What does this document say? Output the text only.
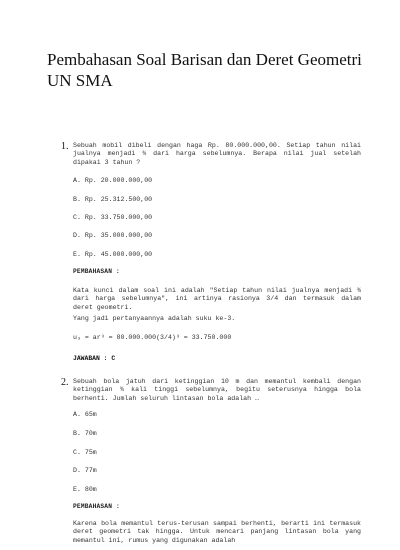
Pembahasan Soal Barisan dan Deret Geometri UN SMA
1. Sebuah mobil dibeli dengan haga Rp. 80.000.000,00. Setiap tahun nilai jualnya menjadi ¾ dari harga sebelumnya. Berapa nilai jual setelah dipakai 3 tahun ?
A. Rp. 20.000.000,00
B. Rp. 25.312.500,00
C. Rp. 33.750.000,00
D. Rp. 35.000.000,00
E. Rp. 45.000.000,00
PEMBAHASAN :
Kata kunci dalam soal ini adalah "Setiap tahun nilai jualnya menjadi ¾ dari harga sebelumnya", ini artinya rasionya 3/4 dan termasuk dalam deret geometri.
Yang jadi pertanyaannya adalah suku ke-3.
u₃ = ar³ = 80.000.000(3/4)³ = 33.750.000
JAWABAN : C
2. Sebuah bola jatuh dari ketinggian 10 m dan memantul kembali dengan ketinggian ¾ kali tinggi sebelumnya, begitu seterusnya hingga bola berhenti. Jumlah seluruh lintasan bola adalah …
A. 65m
B. 70m
C. 75m
D. 77m
E. 80m
PEMBAHASAN :
Karena bola memantul terus-terusan sampai berhenti, berarti ini termasuk deret geometri tak hingga. Untuk mencari panjang lintasan bola yang memantul ini, rumus yang digunakan adalah
